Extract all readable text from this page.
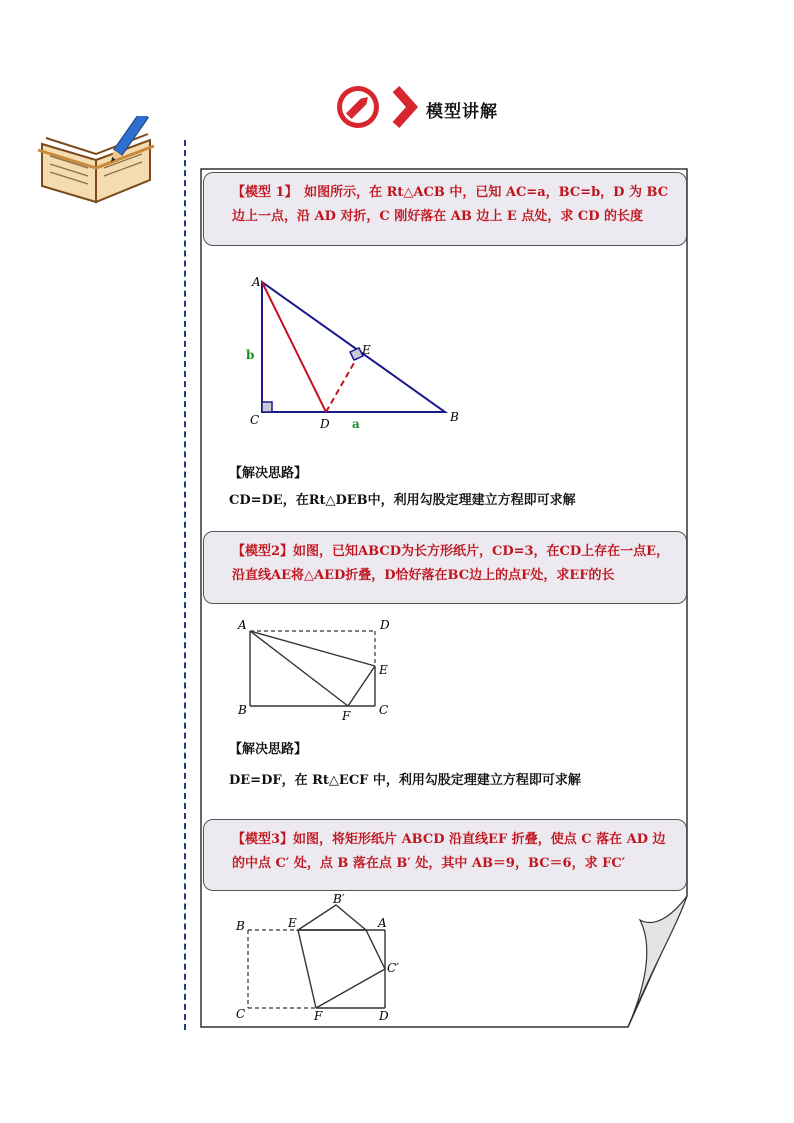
模型讲解
【模型 1】　如图所示，在 Rt△ACB 中，已知 AC=a，BC=b，D 为 BC 边上一点，沿 AD 对折，C 刚好落在 AB 边上 E 点处，求 CD 的长度
A
C	D	B
E
b
a
【解决思路】
CD=DE，在Rt△DEB中，利用勾股定理建立方程即可求解
【模型2】如图，已知ABCD为长方形纸片，CD=3，在CD上存在一点E，沿直线AE将△AED折叠，D恰好落在BC边上的点F处，求EF的长
A	D
E
B	C
F
【解决思路】
DE=DF，在 Rt△ECF 中，利用勾股定理建立方程即可求解
【模型3】如图，将矩形纸片 ABCD 沿直线EF 折叠，使点 C 落在 AD 边的中点 C′ 处，点 B 落在点 B′ 处，其中 AB＝9，BC＝6，求 FC′
B	E
B′
A
C′
C	F	D
